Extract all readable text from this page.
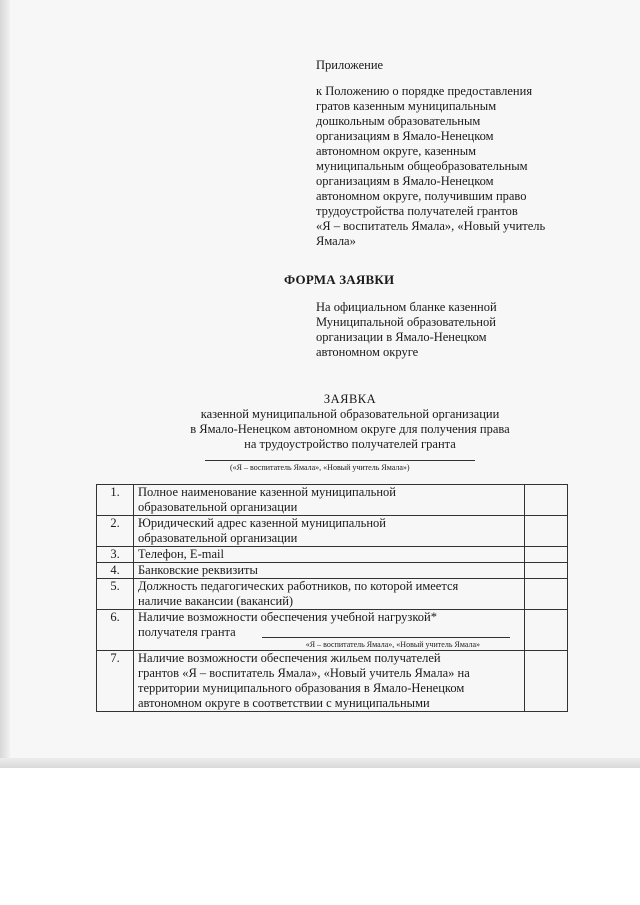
Приложение
к Положению о порядке предоставления
гратов казенным муниципальным
дошкольным образовательным
организациям в Ямало-Ненецком
автономном округе, казенным
муниципальным общеобразовательным
организациям в Ямало-Ненецком
автономном округе, получившим право
трудоустройства получателей грантов
«Я – воспитатель Ямала», «Новый учитель
Ямала»
ФОРМА ЗАЯВКИ
На официальном бланке казенной
Муниципальной образовательной
организации в Ямало-Ненецком
автономном округе
ЗАЯВКА
казенной муниципальной образовательной организации
в Ямало-Ненецком автономном округе для получения права
на трудоустройство получателей гранта
(«Я – воспитатель Ямала», «Новый учитель Ямала»)
1.	Полное наименование казенной муниципальной
образовательной организации	

2.	Юридический адрес казенной муниципальной
образовательной организации	

3.	Телефон, E-mail	

4.	Банковские реквизиты	

5.	Должность педагогических работников, по которой имеется
наличие вакансии (вакансий)	

6.	Наличие возможности обеспечения учебной нагрузкой*
получателя гранта
«Я – воспитатель Ямала», «Новый учитель Ямала»	

7.	Наличие возможности обеспечения жильем получателей
грантов «Я – воспитатель Ямала», «Новый учитель Ямала» на
территории муниципального образования в Ямало-Ненецком
автономном округе в соответствии с муниципальными	
